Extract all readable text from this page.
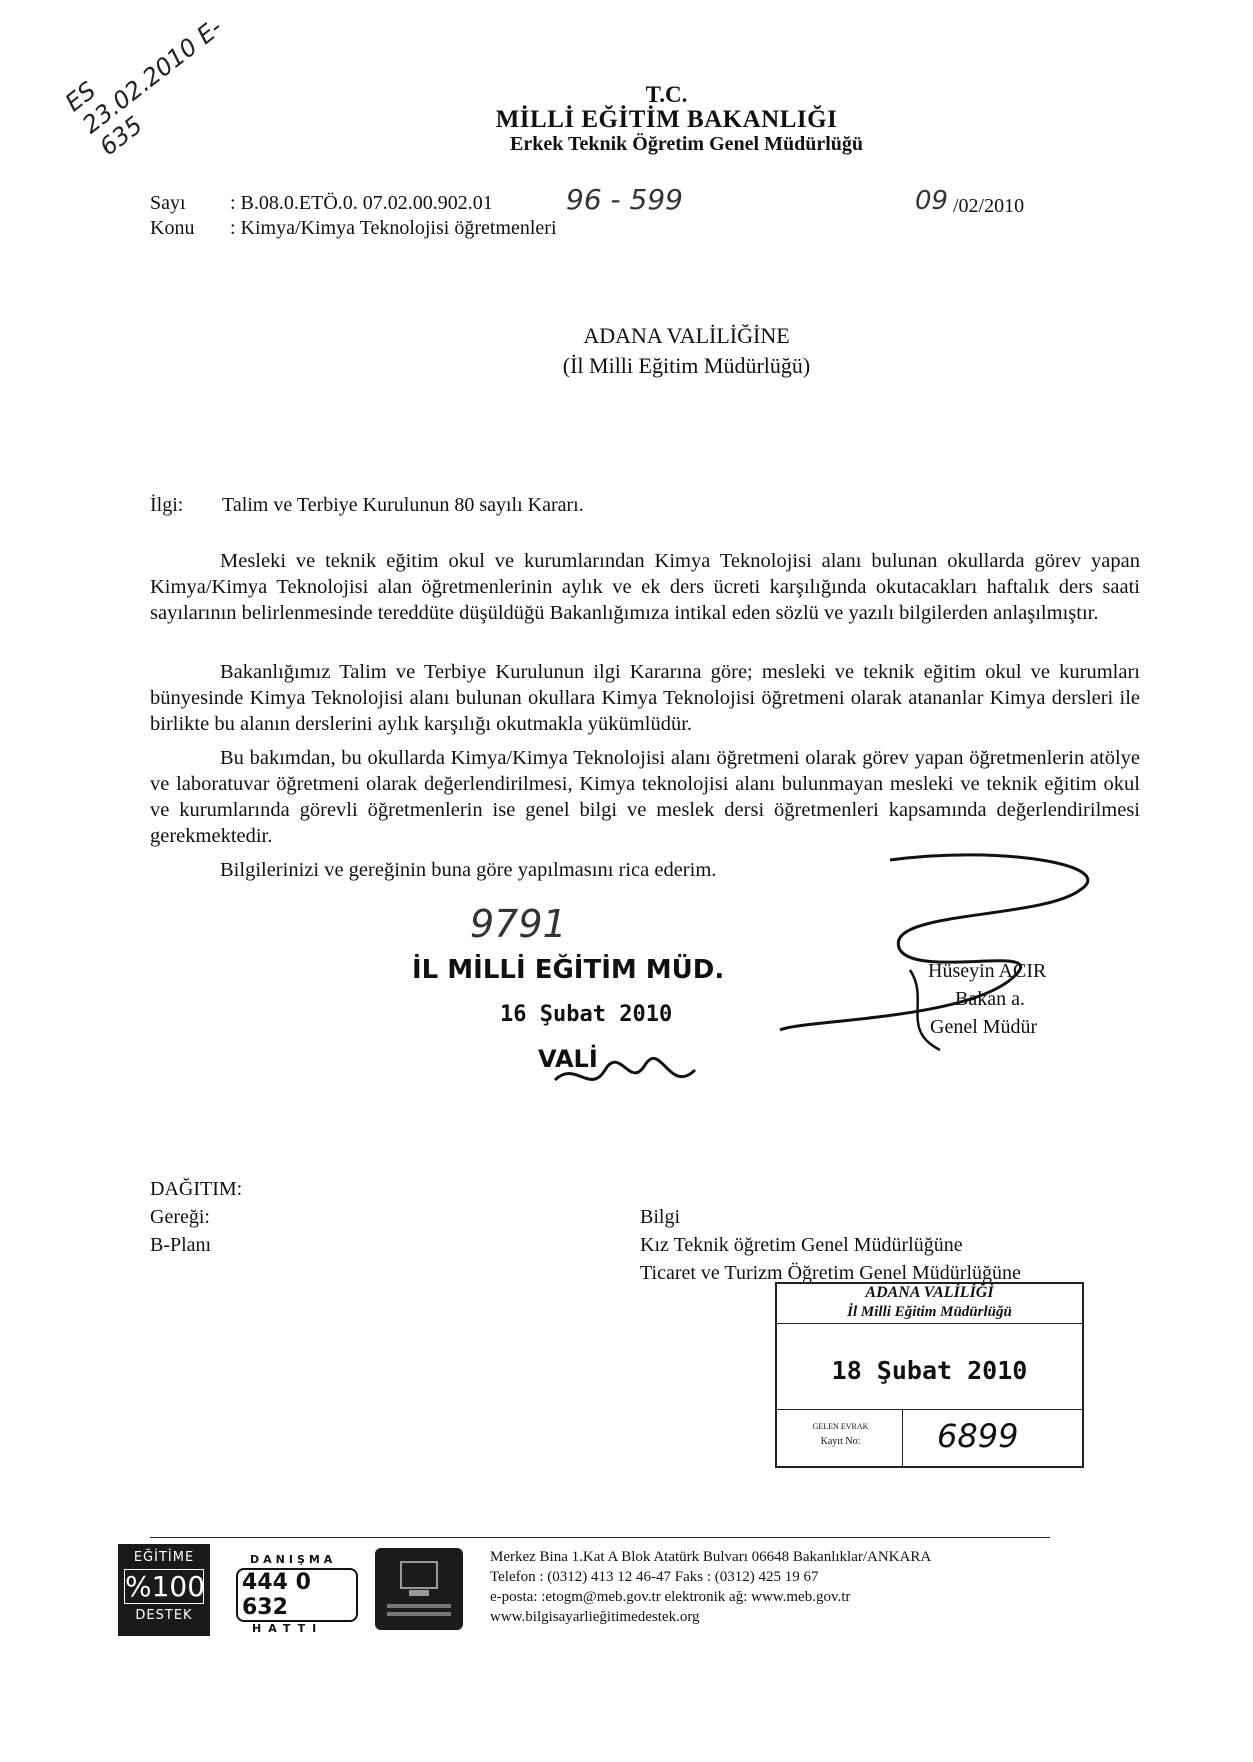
ES 23.02.2010 E-635
T.C.
MİLLİ EĞİTİM BAKANLIĞI
Erkek Teknik Öğretim Genel Müdürlüğü
Sayı : B.08.0.ETÖ.0. 07.02.00.902.01	96 - 599
Konu : Kimya/Kimya Teknolojisi öğretmenleri
09 /02/2010
ADANA VALİLİĞİNE
(İl Milli Eğitim Müdürlüğü)
İlgi: Talim ve Terbiye Kurulunun 80 sayılı Kararı.
Mesleki ve teknik eğitim okul ve kurumlarından Kimya Teknolojisi alanı bulunan okullarda görev yapan Kimya/Kimya Teknolojisi alan öğretmenlerinin aylık ve ek ders ücreti karşılığında okutacakları haftalık ders saati sayılarının belirlenmesinde tereddüte düşüldüğü Bakanlığımıza intikal eden sözlü ve yazılı bilgilerden anlaşılmıştır.
Bakanlığımız Talim ve Terbiye Kurulunun ilgi Kararına göre; mesleki ve teknik eğitim okul ve kurumları bünyesinde Kimya Teknolojisi alanı bulunan okullara Kimya Teknolojisi öğretmeni olarak atananlar Kimya dersleri ile birlikte bu alanın derslerini aylık karşılığı okutmakla yükümlüdür.
Bu bakımdan, bu okullarda Kimya/Kimya Teknolojisi alanı öğretmeni olarak görev yapan öğretmenlerin atölye ve laboratuvar öğretmeni olarak değerlendirilmesi, Kimya teknolojisi alanı bulunmayan mesleki ve teknik eğitim okul ve kurumlarında görevli öğretmenlerin ise genel bilgi ve meslek dersi öğretmenleri kapsamında değerlendirilmesi gerekmektedir.
Bilgilerinizi ve gereğinin buna göre yapılmasını rica ederim.
9791
İL MİLLİ EĞİTİM MÜD.
16 Şubat 2010
VALİ
Hüseyin ACIR
Bakan a.
Genel Müdür
DAĞITIM:
Gereği:
B-Planı
Bilgi
Kız Teknik öğretim Genel Müdürlüğüne
Ticaret ve Turizm Öğretim Genel Müdürlüğüne
ADANA VALİLİĞİ
İl Milli Eğitim Müdürlüğü
18 Şubat 2010
GELEN EVRAK
Kayıt No:	6899
EĞİTİME
%100
DESTEK
DANIŞMA
444 0 632
HATTI
Merkez Bina 1.Kat A Blok Atatürk Bulvarı 06648 Bakanlıklar/ANKARA
Telefon : (0312) 413 12 46-47 Faks : (0312) 425 19 67
e-posta: :etogm@meb.gov.tr elektronik ağ: www.meb.gov.tr
www.bilgisayarlieğitimedestek.org
